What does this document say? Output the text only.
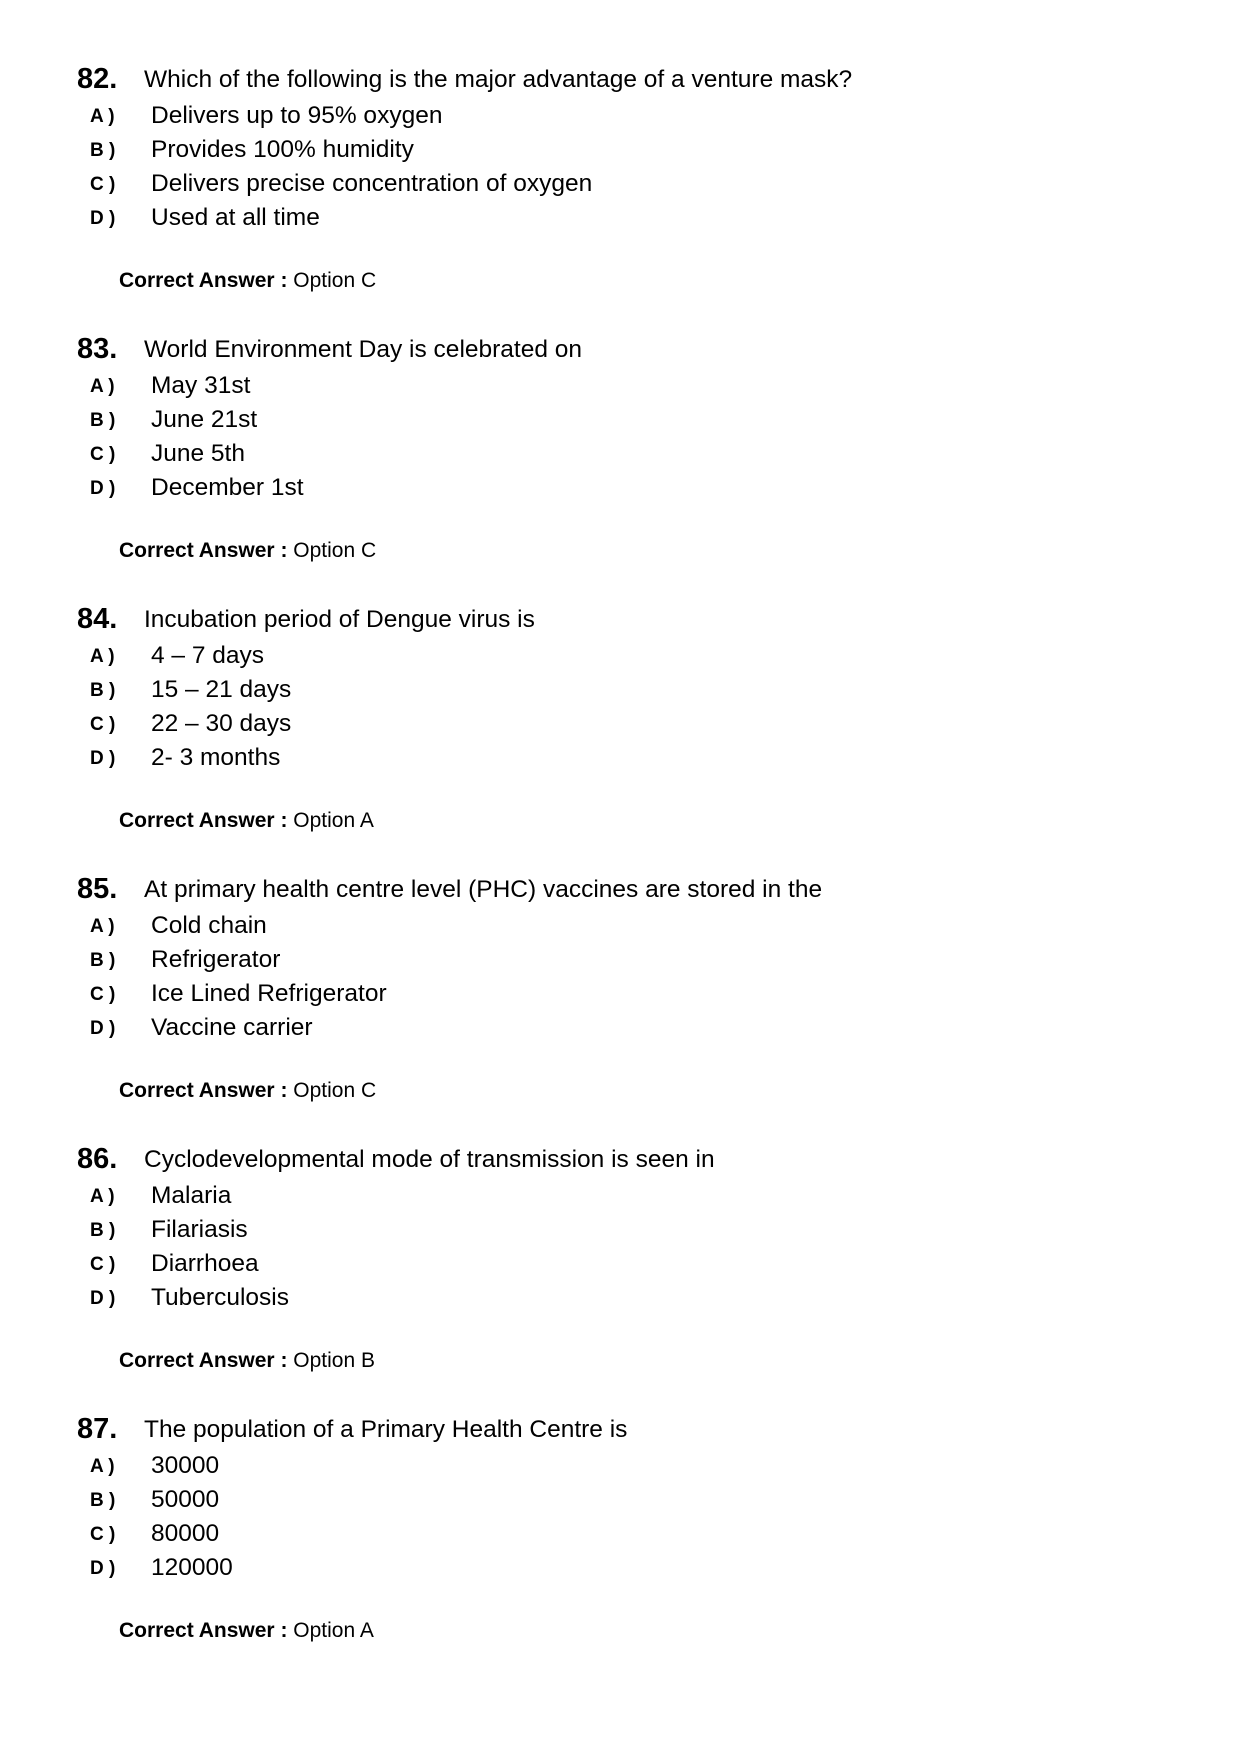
82. Which of the following is the major advantage of a venture mask?
A ) Delivers up to 95% oxygen
B ) Provides 100% humidity
C ) Delivers precise concentration of oxygen
D ) Used at all time
Correct Answer : Option C
83. World Environment Day is celebrated on
A ) May 31st
B ) June 21st
C ) June 5th
D ) December 1st
Correct Answer : Option C
84. Incubation period of Dengue virus is
A ) 4 – 7 days
B ) 15 – 21 days
C ) 22 – 30 days
D ) 2- 3 months
Correct Answer : Option A
85. At primary health centre level (PHC) vaccines are stored in the
A ) Cold chain
B ) Refrigerator
C ) Ice Lined Refrigerator
D ) Vaccine carrier
Correct Answer : Option C
86. Cyclodevelopmental mode of transmission is seen in
A ) Malaria
B ) Filariasis
C ) Diarrhoea
D ) Tuberculosis
Correct Answer : Option B
87. The population of a Primary Health Centre is
A ) 30000
B ) 50000
C ) 80000
D ) 120000
Correct Answer : Option A
